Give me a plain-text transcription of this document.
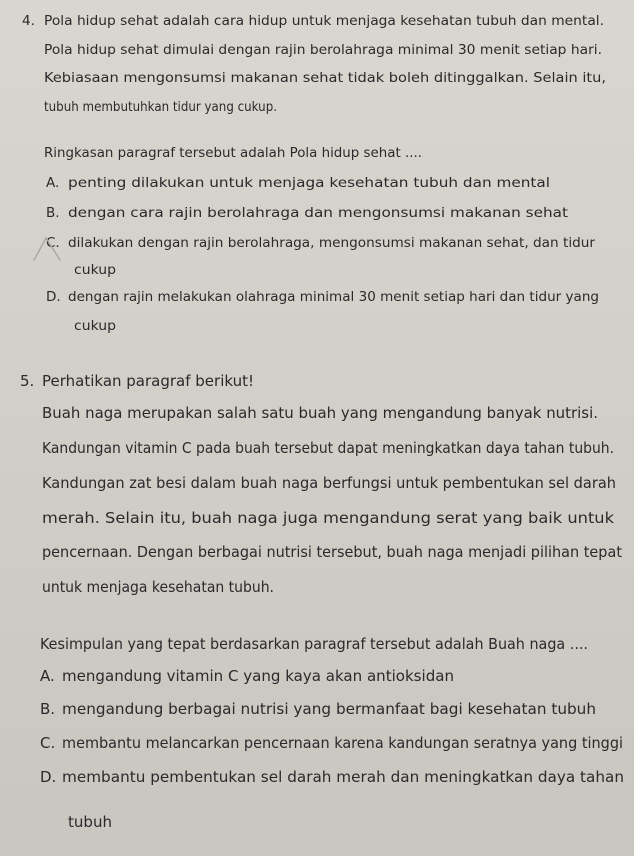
4. Pola hidup sehat adalah cara hidup untuk menjaga kesehatan tubuh dan mental.

Pola hidup sehat dimulai dengan rajin berolahraga minimal 30 menit setiap hari.

Kebiasaan mengonsumsi makanan sehat tidak boleh ditinggalkan. Selain itu,

tubuh membutuhkan tidur yang cukup.

Ringkasan paragraf tersebut adalah Pola hidup sehat ....

A. penting dilakukan untuk menjaga kesehatan tubuh dan mental

B. dengan cara rajin berolahraga dan mengonsumsi makanan sehat

C. dilakukan dengan rajin berolahraga, mengonsumsi makanan sehat, dan tidur

cukup

D. dengan rajin melakukan olahraga minimal 30 menit setiap hari dan tidur yang

cukup

5. Perhatikan paragraf berikut!

Buah naga merupakan salah satu buah yang mengandung banyak nutrisi.

Kandungan vitamin C pada buah tersebut dapat meningkatkan daya tahan tubuh.

Kandungan zat besi dalam buah naga berfungsi untuk pembentukan sel darah

merah. Selain itu, buah naga juga mengandung serat yang baik untuk

pencernaan. Dengan berbagai nutrisi tersebut, buah naga menjadi pilihan tepat

untuk menjaga kesehatan tubuh.

Kesimpulan yang tepat berdasarkan paragraf tersebut adalah Buah naga ....

A. mengandung vitamin C yang kaya akan antioksidan

B. mengandung berbagai nutrisi yang bermanfaat bagi kesehatan tubuh

C. membantu melancarkan pencernaan karena kandungan seratnya yang tinggi

D. membantu pembentukan sel darah merah dan meningkatkan daya tahan

tubuh
